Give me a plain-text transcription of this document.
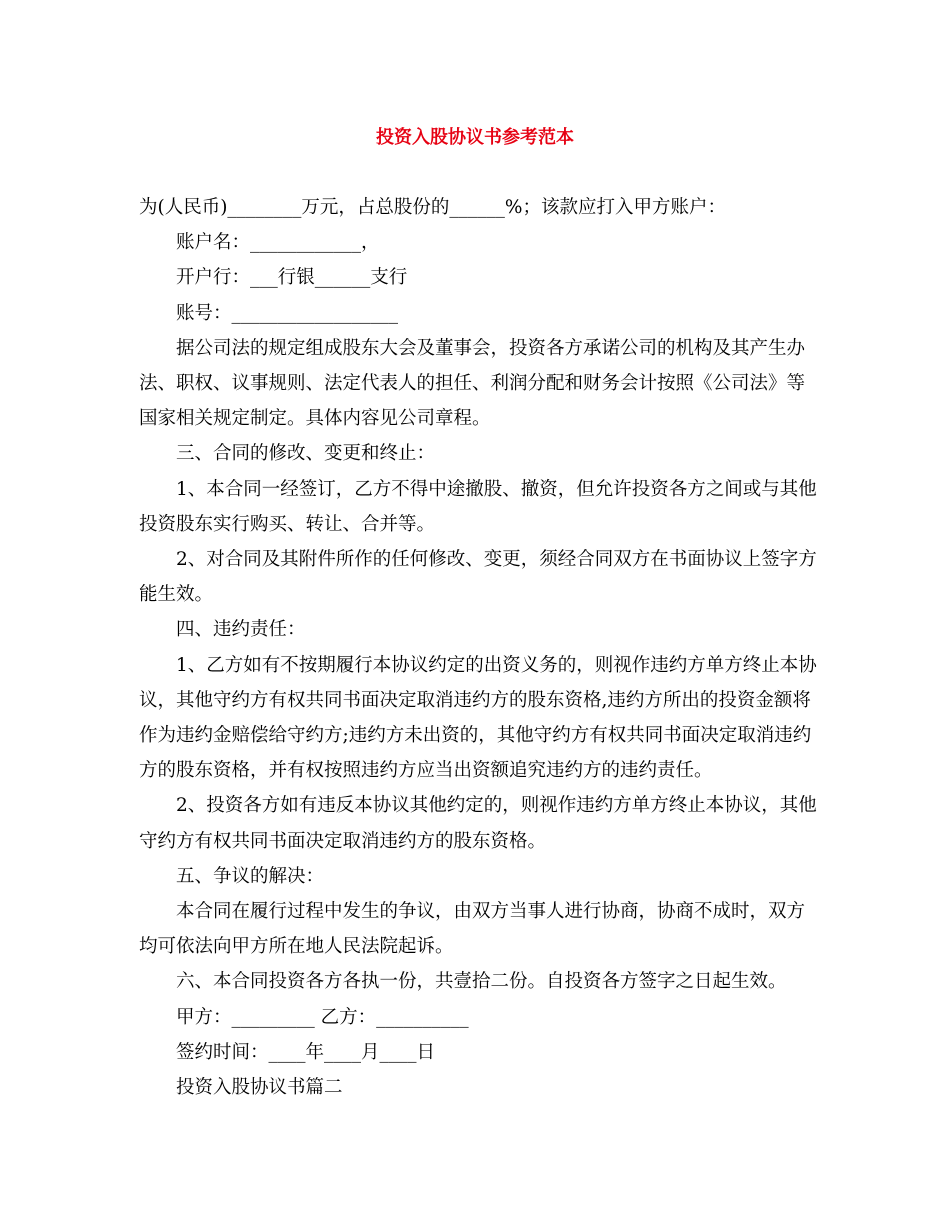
投资入股协议书参考范本

为(人民币)________万元，占总股份的______%；该款应打入甲方账户：

账户名：____________，

开户行：___行银______支行

账号：__________________

据公司法的规定组成股东大会及董事会，投资各方承诺公司的机构及其产生办法、职权、议事规则、法定代表人的担任、利润分配和财务会计按照《公司法》等国家相关规定制定。具体内容见公司章程。

三、合同的修改、变更和终止：

1、本合同一经签订，乙方不得中途撤股、撤资，但允许投资各方之间或与其他投资股东实行购买、转让、合并等。

2、对合同及其附件所作的任何修改、变更，须经合同双方在书面协议上签字方能生效。

四、违约责任：

1、乙方如有不按期履行本协议约定的出资义务的，则视作违约方单方终止本协议，其他守约方有权共同书面决定取消违约方的股东资格,违约方所出的投资金额将作为违约金赔偿给守约方;违约方未出资的，其他守约方有权共同书面决定取消违约方的股东资格，并有权按照违约方应当出资额追究违约方的违约责任。

2、投资各方如有违反本协议其他约定的，则视作违约方单方终止本协议，其他守约方有权共同书面决定取消违约方的股东资格。

五、争议的解决：

本合同在履行过程中发生的争议，由双方当事人进行协商，协商不成时，双方均可依法向甲方所在地人民法院起诉。

六、本合同投资各方各执一份，共壹拾二份。自投资各方签字之日起生效。

甲方：_________ 乙方：__________

签约时间：____年____月____日

投资入股协议书篇二
